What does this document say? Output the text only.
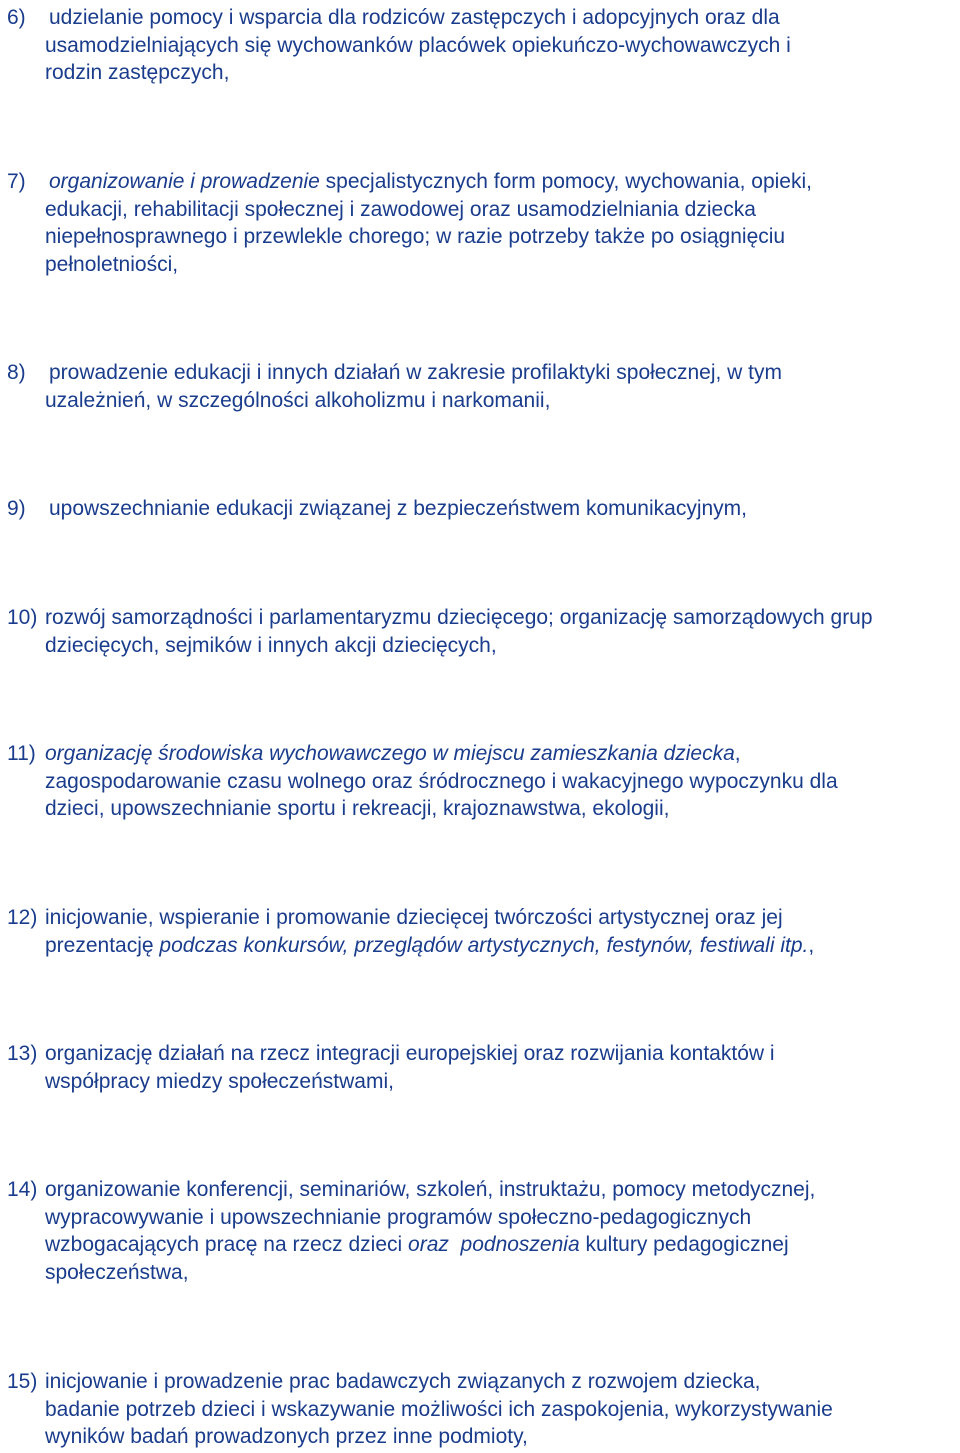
6) udzielanie pomocy i wsparcia dla rodziców zastępczych i adopcyjnych oraz dla
usamodzielniających się wychowanków placówek opiekuńczo-wychowawczych i
rodzin zastępczych,
7) organizowanie i prowadzenie specjalistycznych form pomocy, wychowania, opieki,
edukacji, rehabilitacji społecznej i zawodowej oraz usamodzielniania dziecka
niepełnosprawnego i przewlekle chorego; w razie potrzeby także po osiągnięciu
pełnoletniości,
8) prowadzenie edukacji i innych działań w zakresie profilaktyki społecznej, w tym
uzależnień, w szczególności alkoholizmu i narkomanii,
9) upowszechnianie edukacji związanej z bezpieczeństwem komunikacyjnym,
10) rozwój samorządności i parlamentaryzmu dziecięcego; organizację samorządowych grup
dziecięcych, sejmików i innych akcji dziecięcych,
11) organizację środowiska wychowawczego w miejscu zamieszkania dziecka,
zagospodarowanie czasu wolnego oraz śródrocznego i wakacyjnego wypoczynku dla
dzieci, upowszechnianie sportu i rekreacji, krajoznawstwa, ekologii,
12) inicjowanie, wspieranie i promowanie dziecięcej twórczości artystycznej oraz jej
prezentację podczas konkursów, przeglądów artystycznych, festynów, festiwali itp.,
13) organizację działań na rzecz integracji europejskiej oraz rozwijania kontaktów i
współpracy miedzy społeczeństwami,
14) organizowanie konferencji, seminariów, szkoleń, instruktażu, pomocy metodycznej,
wypracowywanie i upowszechnianie programów społeczno-pedagogicznych
wzbogacających pracę na rzecz dzieci oraz  podnoszenia kultury pedagogicznej
społeczeństwa,
15) inicjowanie i prowadzenie prac badawczych związanych z rozwojem dziecka,
badanie potrzeb dzieci i wskazywanie możliwości ich zaspokojenia, wykorzystywanie
wyników badań prowadzonych przez inne podmioty,
